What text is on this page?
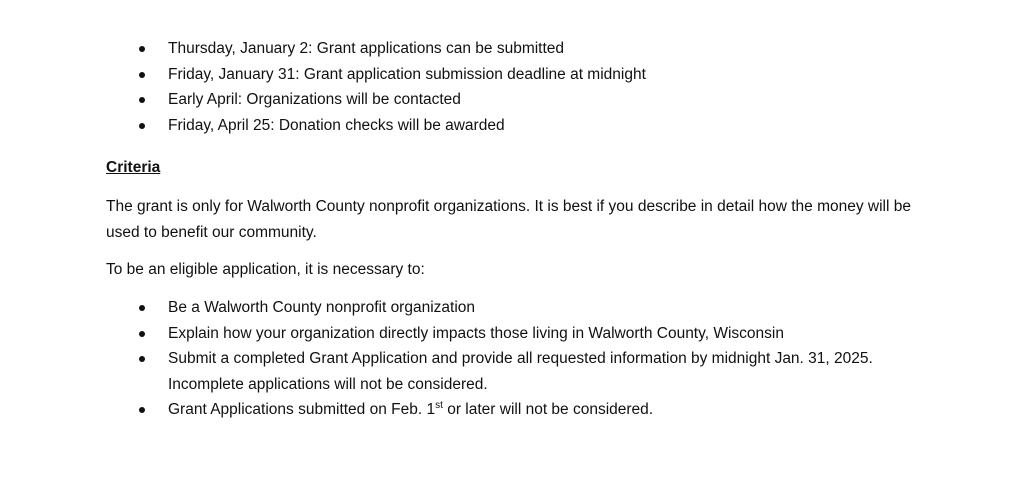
Thursday, January 2: Grant applications can be submitted
Friday, January 31: Grant application submission deadline at midnight
Early April: Organizations will be contacted
Friday, April 25: Donation checks will be awarded
Criteria

The grant is only for Walworth County nonprofit organizations. It is best if you describe in detail how the money will be used to benefit our community.

To be an eligible application, it is necessary to:

Be a Walworth County nonprofit organization
Explain how your organization directly impacts those living in Walworth County, Wisconsin
Submit a completed Grant Application and provide all requested information by midnight Jan. 31, 2025. Incomplete applications will not be considered.
Grant Applications submitted on Feb. 1st or later will not be considered.
